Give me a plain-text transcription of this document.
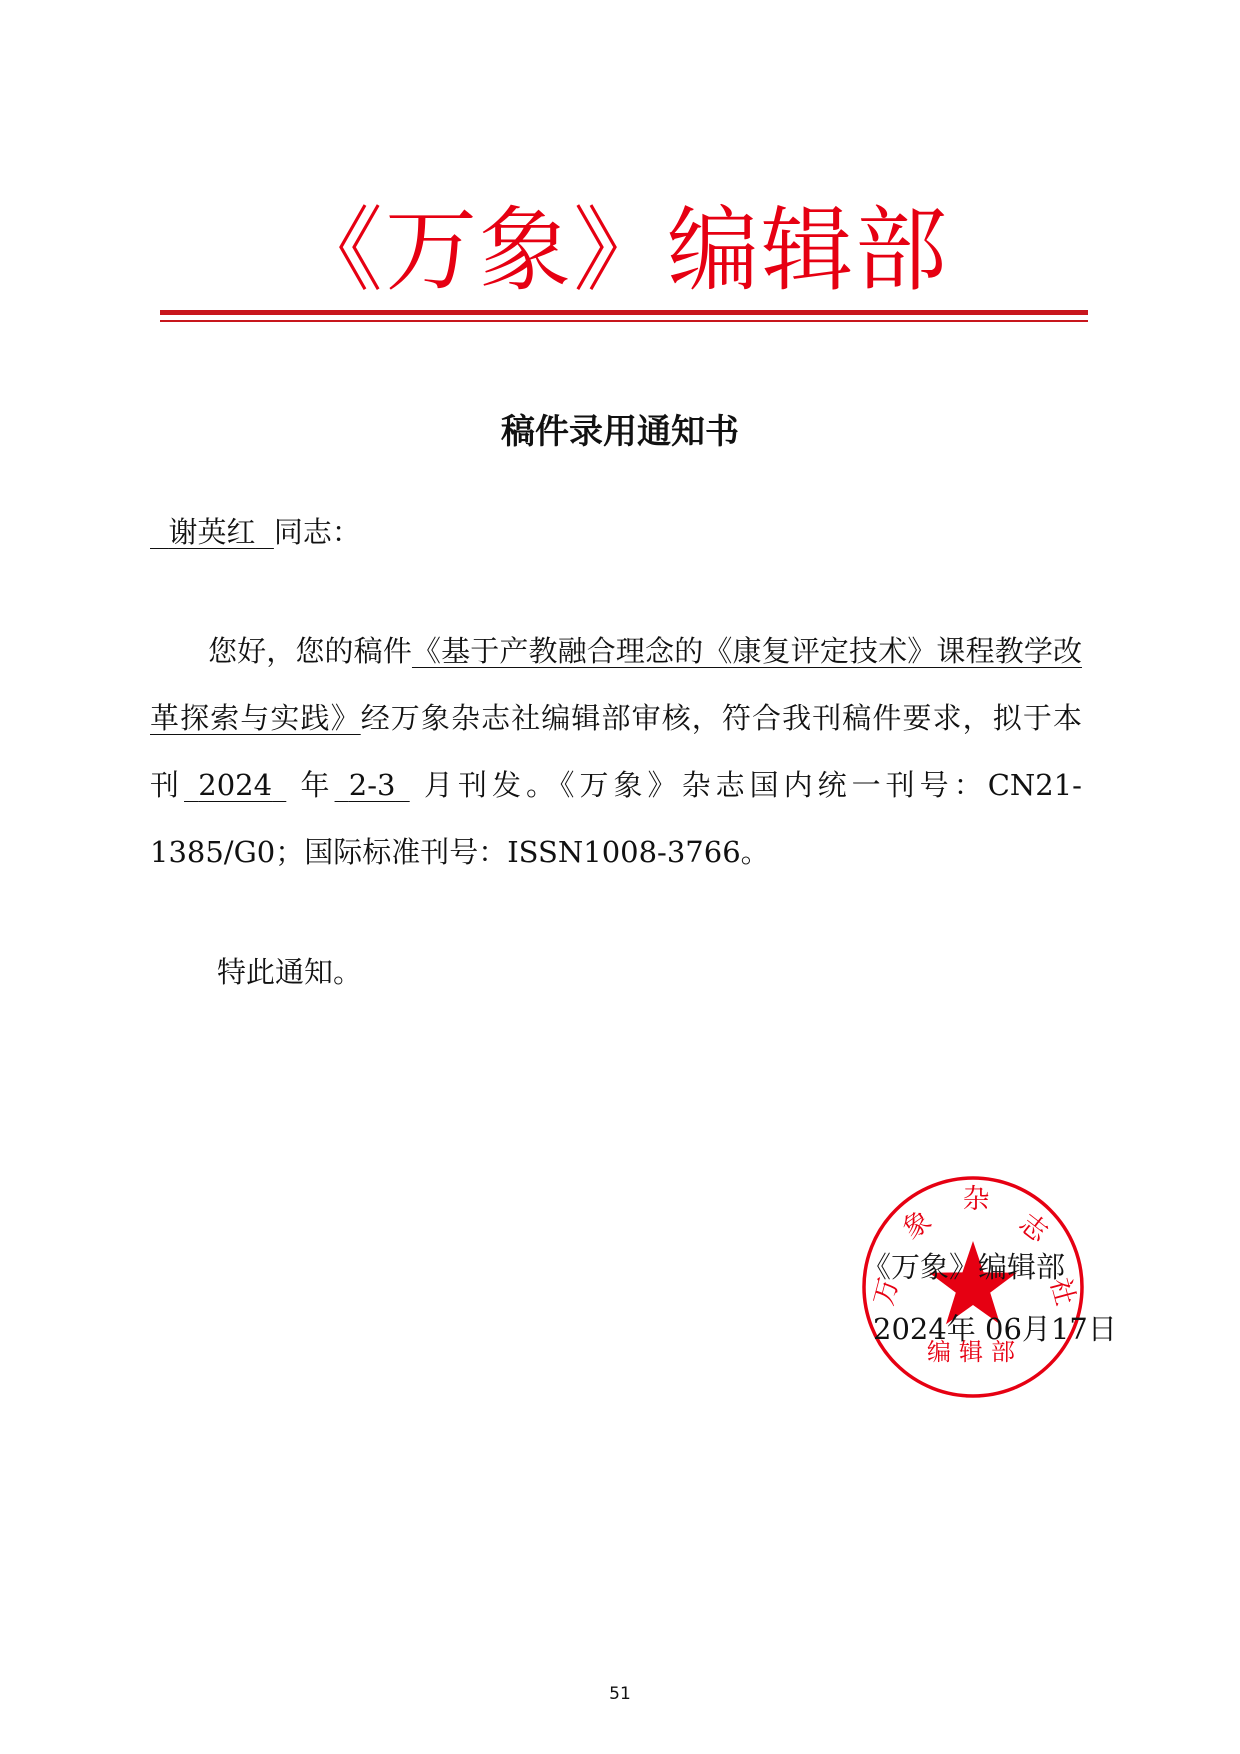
《万象》编辑部
稿件录用通知书
谢英红 同志：
您好，您的稿件《基于产教融合理念的《康复评定技术》课程教学改革探索与实践》经万象杂志社编辑部审核，符合我刊稿件要求，拟于本刊 2024 年 2-3 月刊发。《万象》杂志国内统一刊号：CN21-1385/G0；国际标准刊号：ISSN1008-3766。
特此通知。
万
象
杂
志
社
编辑部
《万象》编辑部
2024年 06月17日
51
